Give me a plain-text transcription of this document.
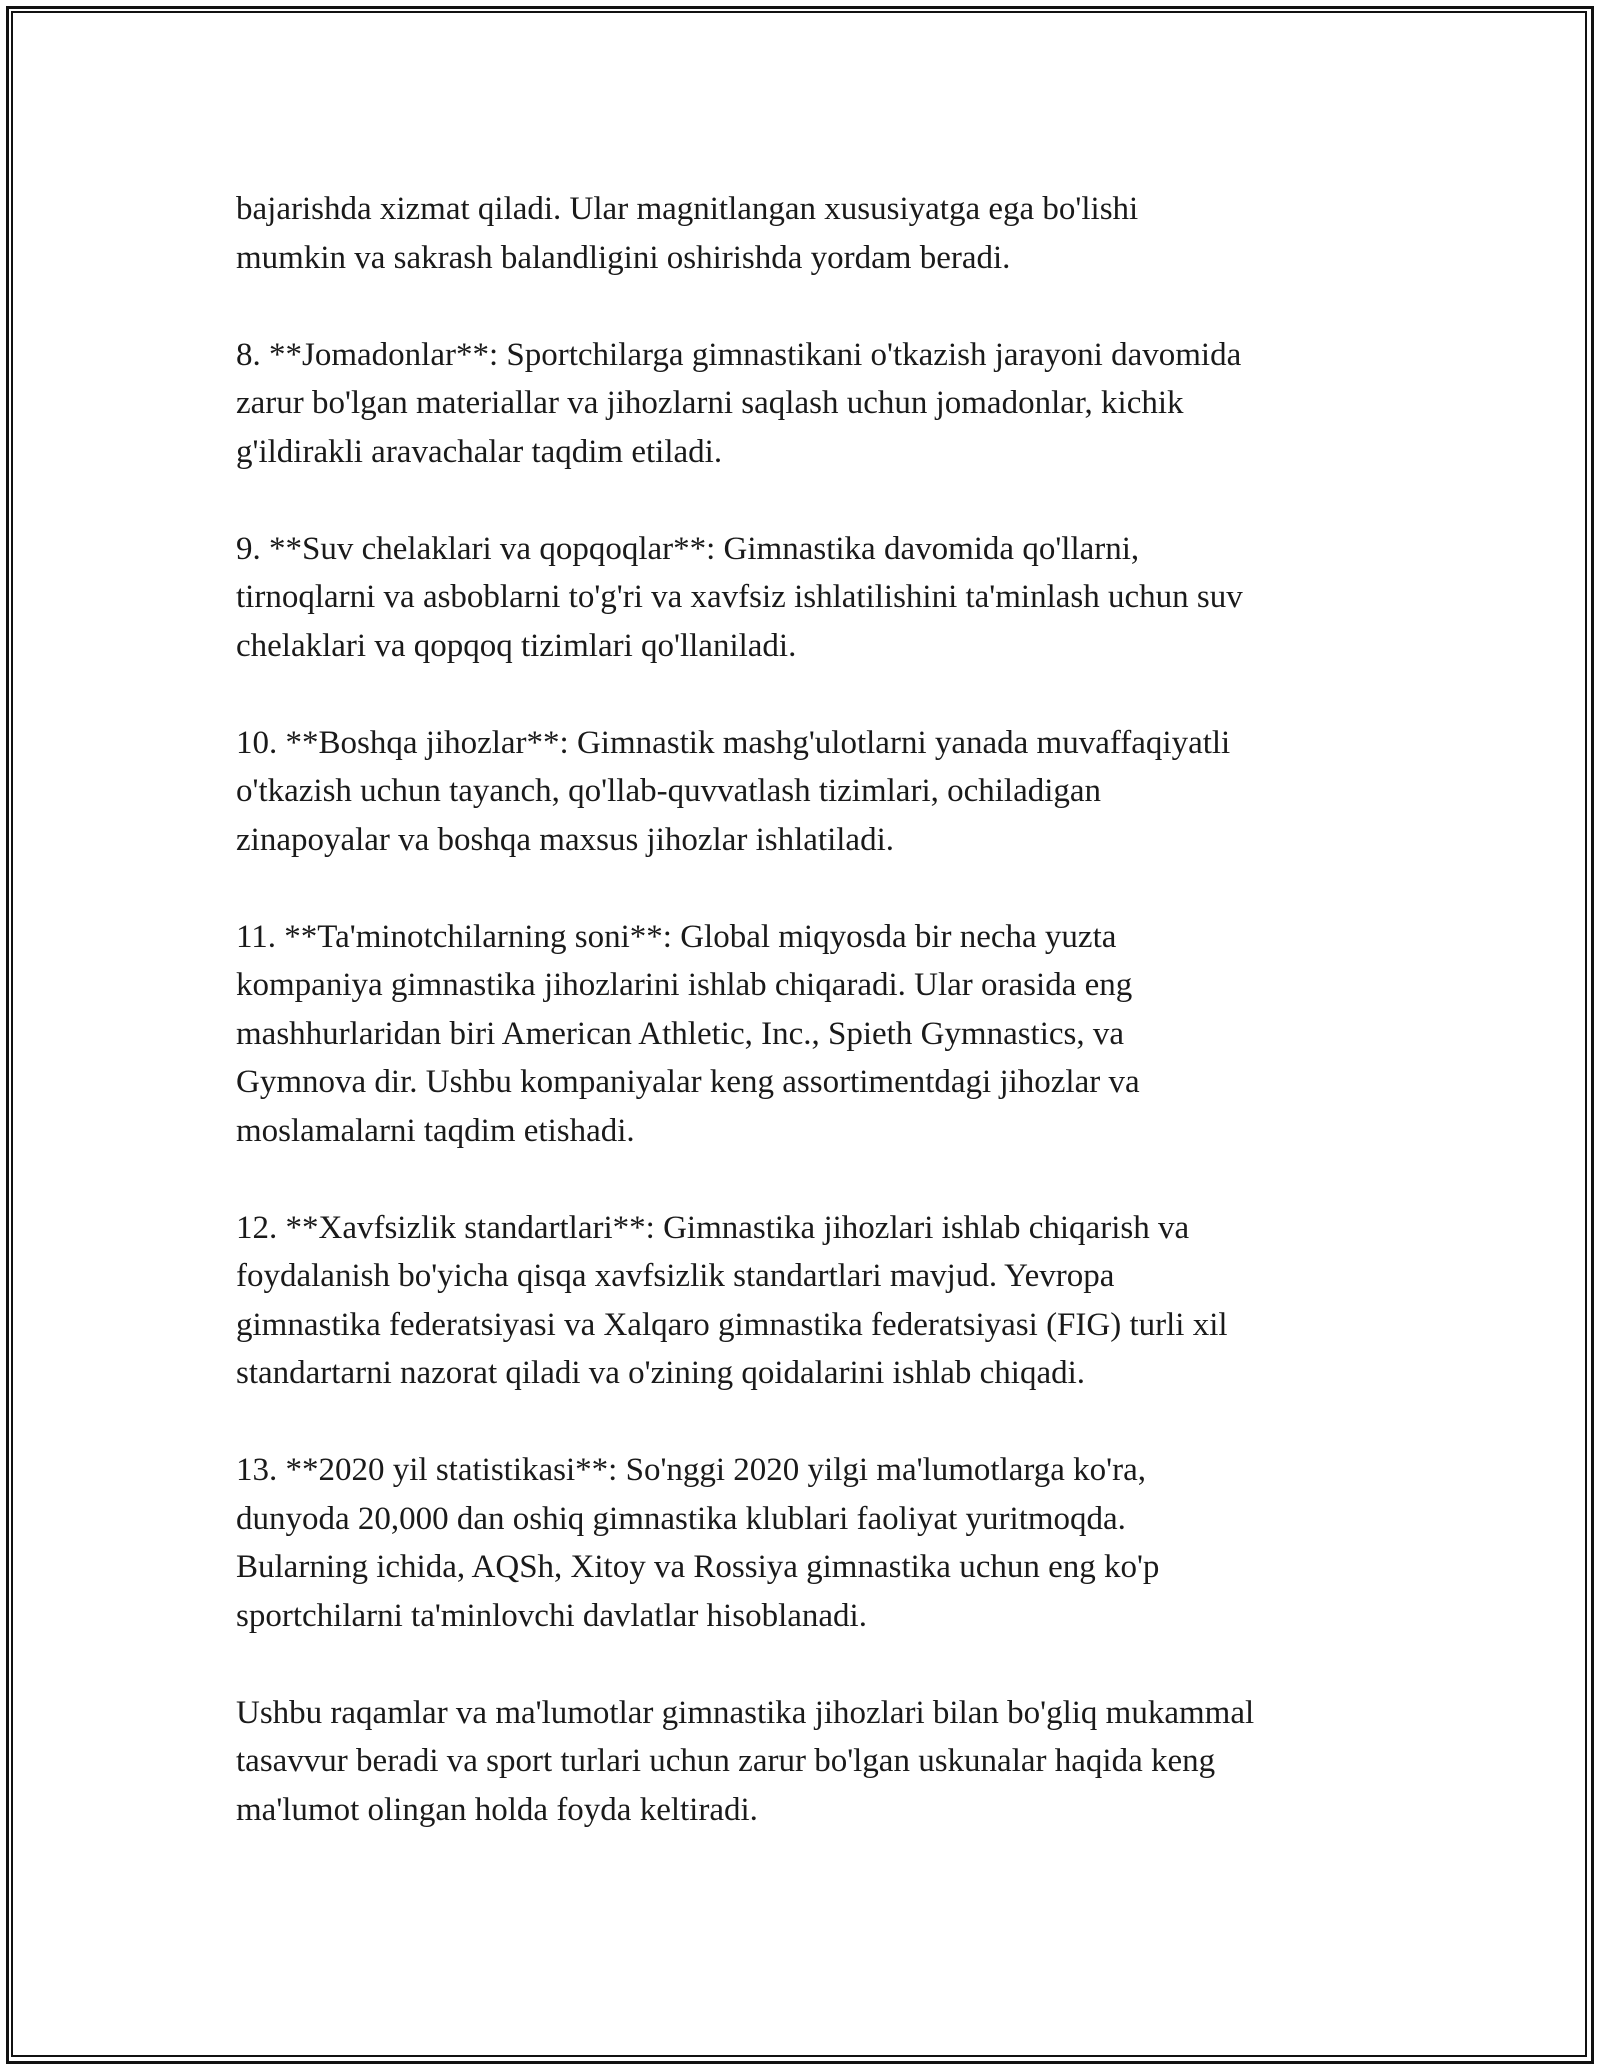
bajarishda xizmat qiladi. Ular magnitlangan xususiyatga ega bo'lishi
mumkin va sakrash balandligini oshirishda yordam beradi.

8. **Jomadonlar**: Sportchilarga gimnastikani o'tkazish jarayoni davomida
zarur bo'lgan materiallar va jihozlarni saqlash uchun jomadonlar, kichik
g'ildirakli aravachalar taqdim etiladi.

9. **Suv chelaklari va qopqoqlar**: Gimnastika davomida qo'llarni,
tirnoqlarni va asboblarni to'g'ri va xavfsiz ishlatilishini ta'minlash uchun suv
chelaklari va qopqoq tizimlari qo'llaniladi.

10. **Boshqa jihozlar**: Gimnastik mashg'ulotlarni yanada muvaffaqiyatli
o'tkazish uchun tayanch, qo'llab-quvvatlash tizimlari, ochiladigan
zinapoyalar va boshqa maxsus jihozlar ishlatiladi.

11. **Ta'minotchilarning soni**: Global miqyosda bir necha yuzta
kompaniya gimnastika jihozlarini ishlab chiqaradi. Ular orasida eng
mashhurlaridan biri American Athletic, Inc., Spieth Gymnastics, va
Gymnova dir. Ushbu kompaniyalar keng assortimentdagi jihozlar va
moslamalarni taqdim etishadi.

12. **Xavfsizlik standartlari**: Gimnastika jihozlari ishlab chiqarish va
foydalanish bo'yicha qisqa xavfsizlik standartlari mavjud. Yevropa
gimnastika federatsiyasi va Xalqaro gimnastika federatsiyasi (FIG) turli xil
standartarni nazorat qiladi va o'zining qoidalarini ishlab chiqadi.

13. **2020 yil statistikasi**: So'nggi 2020 yilgi ma'lumotlarga ko'ra,
dunyoda 20,000 dan oshiq gimnastika klublari faoliyat yuritmoqda.
Bularning ichida, AQSh, Xitoy va Rossiya gimnastika uchun eng ko'p
sportchilarni ta'minlovchi davlatlar hisoblanadi.

Ushbu raqamlar va ma'lumotlar gimnastika jihozlari bilan bo'gliq mukammal
tasavvur beradi va sport turlari uchun zarur bo'lgan uskunalar haqida keng
ma'lumot olingan holda foyda keltiradi.
